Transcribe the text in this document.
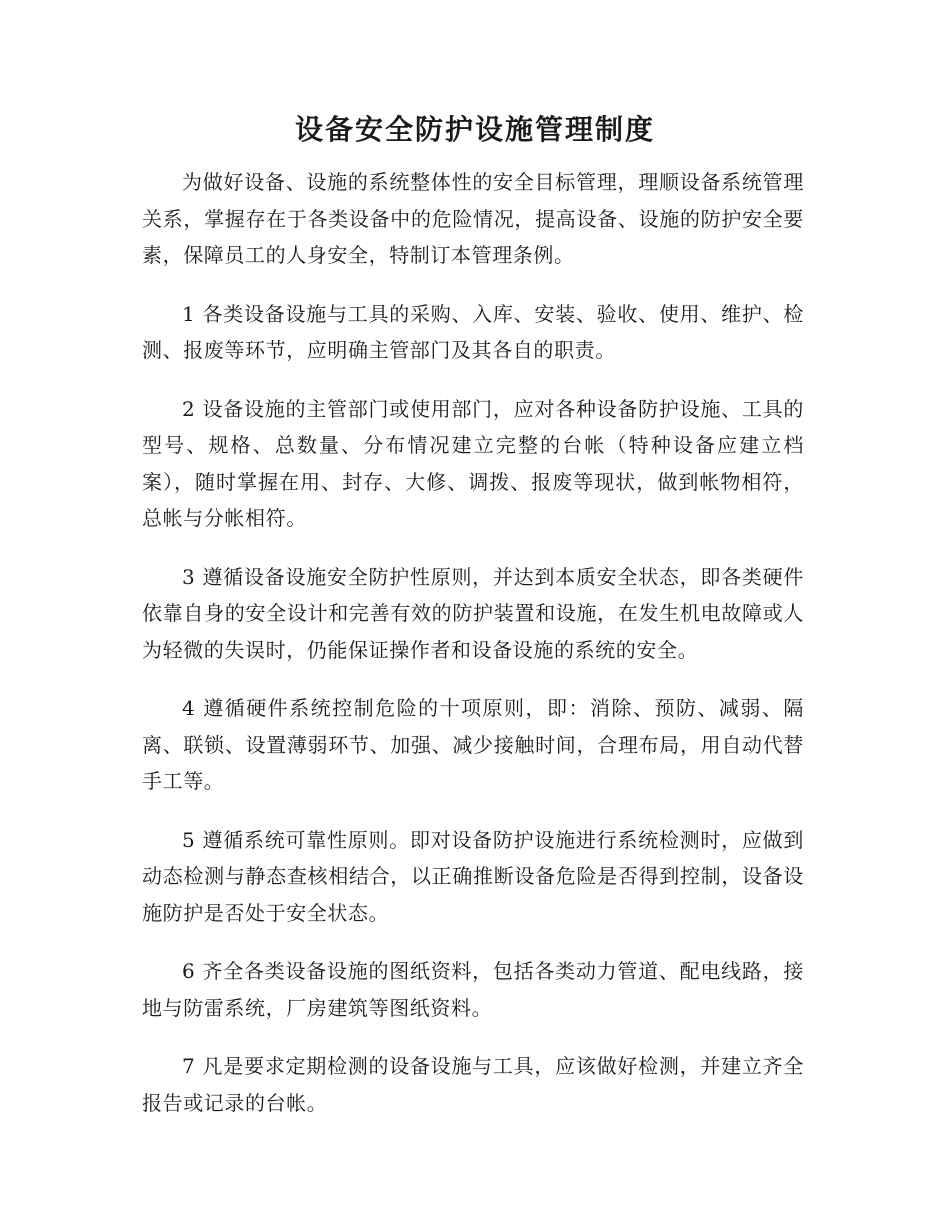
设备安全防护设施管理制度

为做好设备、设施的系统整体性的安全目标管理，理顺设备系统管理关系，掌握存在于各类设备中的危险情况，提高设备、设施的防护安全要素，保障员工的人身安全，特制订本管理条例。

1 各类设备设施与工具的采购、入库、安装、验收、使用、维护、检测、报废等环节，应明确主管部门及其各自的职责。

2 设备设施的主管部门或使用部门，应对各种设备防护设施、工具的型号、规格、总数量、分布情况建立完整的台帐（特种设备应建立档案），随时掌握在用、封存、大修、调拨、报废等现状，做到帐物相符，总帐与分帐相符。

3 遵循设备设施安全防护性原则，并达到本质安全状态，即各类硬件依靠自身的安全设计和完善有效的防护装置和设施，在发生机电故障或人为轻微的失误时，仍能保证操作者和设备设施的系统的安全。

4 遵循硬件系统控制危险的十项原则，即：消除、预防、减弱、隔离、联锁、设置薄弱环节、加强、减少接触时间，合理布局，用自动代替手工等。

5 遵循系统可靠性原则。即对设备防护设施进行系统检测时，应做到动态检测与静态查核相结合，以正确推断设备危险是否得到控制，设备设施防护是否处于安全状态。

6 齐全各类设备设施的图纸资料，包括各类动力管道、配电线路，接地与防雷系统，厂房建筑等图纸资料。

7 凡是要求定期检测的设备设施与工具，应该做好检测，并建立齐全报告或记录的台帐。
